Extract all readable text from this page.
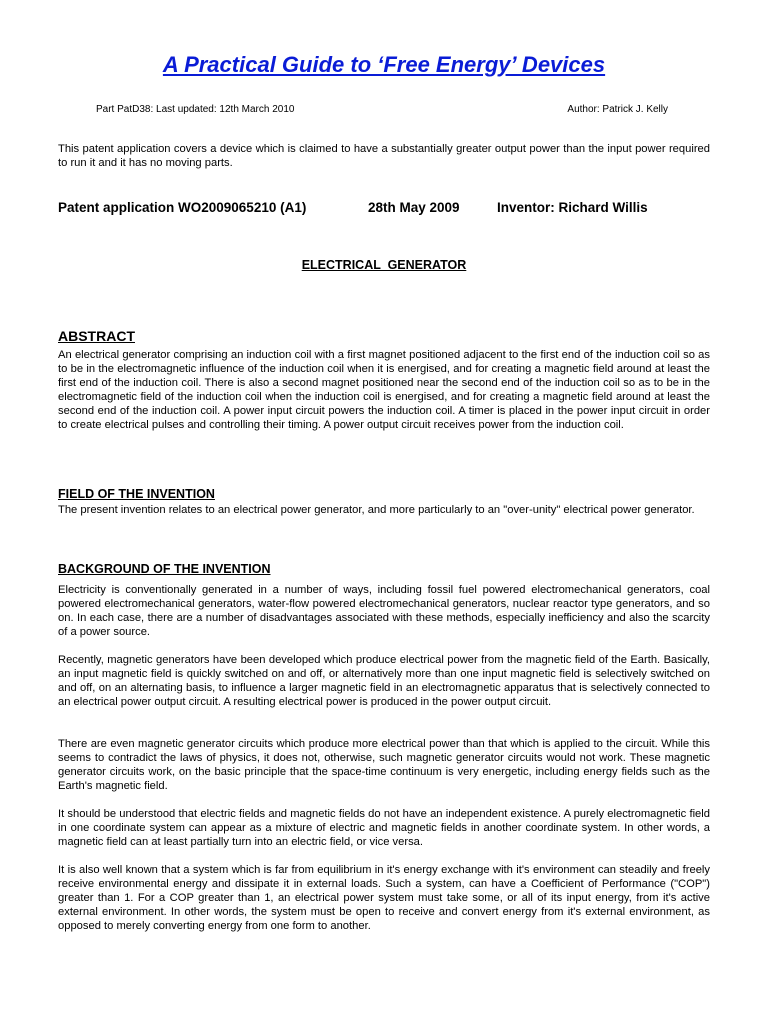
A Practical Guide to ‘Free Energy’ Devices
Part PatD38: Last updated: 12th March 2010	Author: Patrick J. Kelly

This patent application covers a device which is claimed to have a substantially greater output power than the input power required to run it and it has no moving parts.

Patent application WO2009065210 (A1)	28th May 2009	Inventor: Richard Willis
ELECTRICAL  GENERATOR
ABSTRACT

An electrical generator comprising an induction coil with a first magnet positioned adjacent to the first end of the induction coil so as to be in the electromagnetic influence of the induction coil when it is energised, and for creating a magnetic field around at least the first end of the induction coil. There is also a second magnet positioned near the second end of the induction coil so as to be in the electromagnetic field of the induction coil when the induction coil is energised, and for creating a magnetic field around at least the second end of the induction coil. A power input circuit powers the induction coil. A timer is placed in the power input circuit in order to create electrical pulses and controlling their timing. A power output circuit receives power from the induction coil.

FIELD OF THE INVENTION

The present invention relates to an electrical power generator, and more particularly to an "over-unity" electrical power generator.

BACKGROUND OF THE INVENTION

Electricity is conventionally generated in a number of ways, including fossil fuel powered electromechanical generators, coal powered electromechanical generators, water-flow powered electromechanical generators, nuclear reactor type generators, and so on. In each case, there are a number of disadvantages associated with these methods, especially inefficiency and also the scarcity of a power source.

Recently, magnetic generators have been developed which produce electrical power from the magnetic field of the Earth. Basically, an input magnetic field is quickly switched on and off, or alternatively more than one input magnetic field is selectively switched on and off, on an alternating basis, to influence a larger magnetic field in an electromagnetic apparatus that is selectively connected to an electrical power output circuit. A resulting electrical power is produced in the power output circuit.

There are even magnetic generator circuits which produce more electrical power than that which is applied to the circuit. While this seems to contradict the laws of physics, it does not, otherwise, such magnetic generator circuits would not work. These magnetic generator circuits work, on the basic principle that the space-time continuum is very energetic, including energy fields such as the Earth's magnetic field.

It should be understood that electric fields and magnetic fields do not have an independent existence. A purely electromagnetic field in one coordinate system can appear as a mixture of electric and magnetic fields in another coordinate system. In other words, a magnetic field can at least partially turn into an electric field, or vice versa.

It is also well known that a system which is far from equilibrium in it's energy exchange with it's environment can steadily and freely receive environmental energy and dissipate it in external loads. Such a system, can have a Coefficient of Performance ("COP") greater than 1. For a COP greater than 1, an electrical power system must take some, or all of its input energy, from it's active external environment. In other words, the system must be open to receive and convert energy from it's external environment, as opposed to merely converting energy from one form to another.
